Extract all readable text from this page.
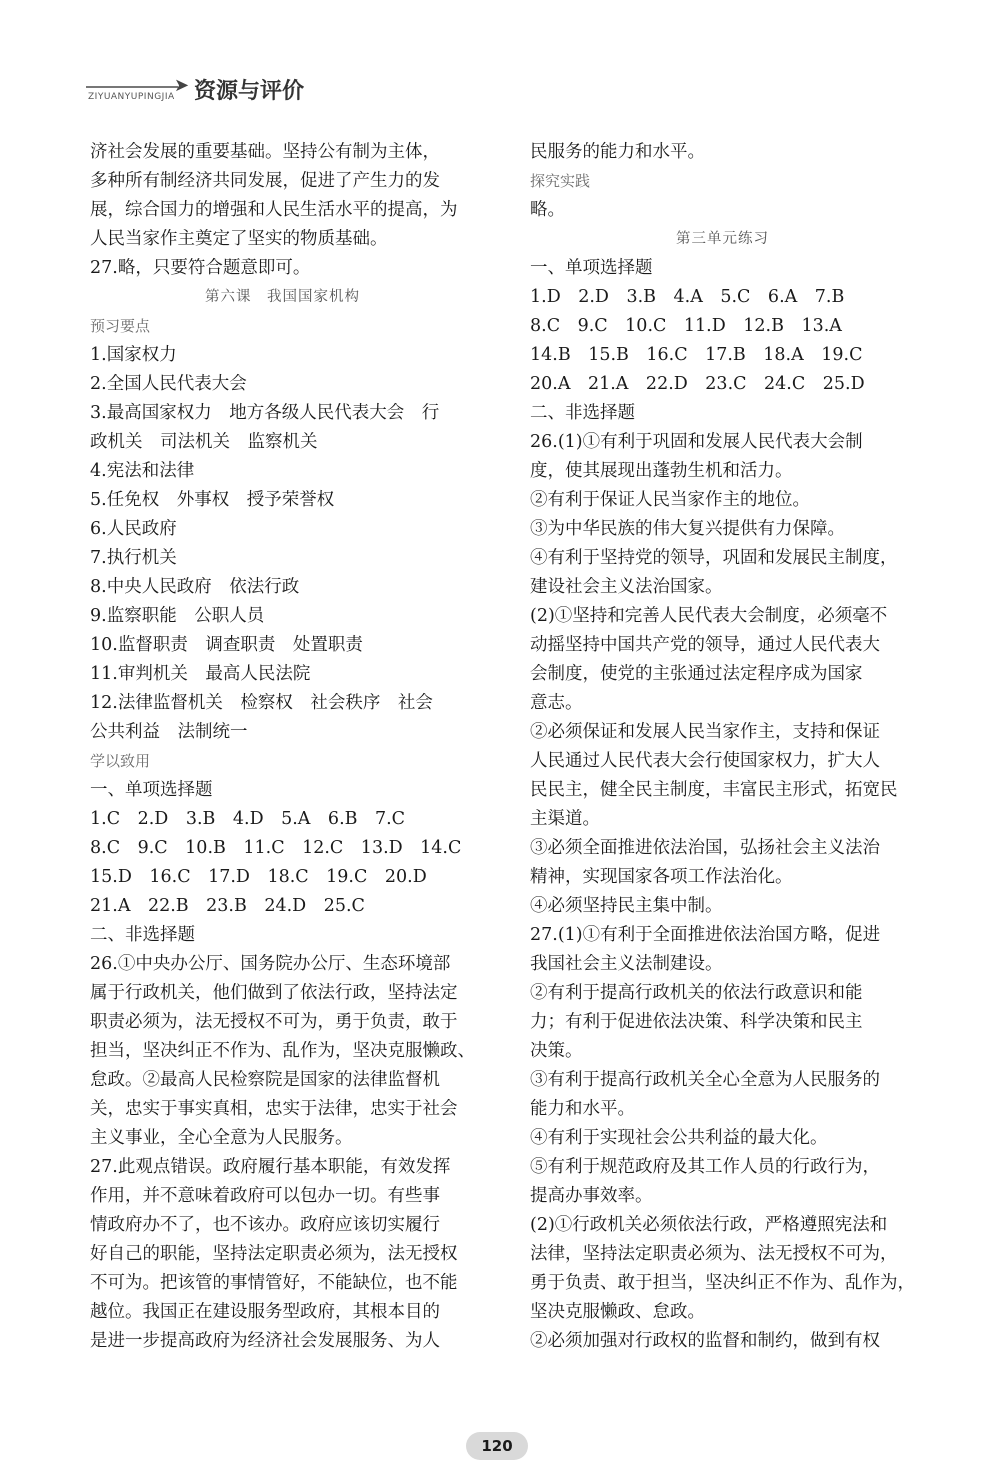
ZIYUANYUPINGJIA
➤ 资源与评价
济社会发展的重要基础。坚持公有制为主体，
多种所有制经济共同发展，促进了产生力的发
展，综合国力的增强和人民生活水平的提高，为
人民当家作主奠定了坚实的物质基础。
27.略，只要符合题意即可。
第六课　我国国家机构
预习要点
1.国家权力
2.全国人民代表大会
3.最高国家权力　地方各级人民代表大会　行
政机关　司法机关　监察机关
4.宪法和法律
5.任免权　外事权　授予荣誉权
6.人民政府
7.执行机关
8.中央人民政府　依法行政
9.监察职能　公职人员
10.监督职责　调查职责　处置职责
11.审判机关　最高人民法院
12.法律监督机关　检察权　社会秩序　社会
公共利益　法制统一
学以致用
一、单项选择题
1.C　2.D　3.B　4.D　5.A　6.B　7.C
8.C　9.C　10.B　11.C　12.C　13.D　14.C
15.D　16.C　17.D　18.C　19.C　20.D
21.A　22.B　23.B　24.D　25.C
二、非选择题
26.①中央办公厅、国务院办公厅、生态环境部
属于行政机关，他们做到了依法行政，坚持法定
职责必须为，法无授权不可为，勇于负责，敢于
担当，坚决纠正不作为、乱作为，坚决克服懒政、
怠政。②最高人民检察院是国家的法律监督机
关，忠实于事实真相，忠实于法律，忠实于社会
主义事业，全心全意为人民服务。
27.此观点错误。政府履行基本职能，有效发挥
作用，并不意味着政府可以包办一切。有些事
情政府办不了，也不该办。政府应该切实履行
好自己的职能，坚持法定职责必须为，法无授权
不可为。把该管的事情管好，不能缺位，也不能
越位。我国正在建设服务型政府，其根本目的
是进一步提高政府为经济社会发展服务、为人
民服务的能力和水平。
探究实践
略。
第三单元练习
一、单项选择题
1.D　2.D　3.B　4.A　5.C　6.A　7.B
8.C　9.C　10.C　11.D　12.B　13.A
14.B　15.B　16.C　17.B　18.A　19.C
20.A　21.A　22.D　23.C　24.C　25.D
二、非选择题
26.(1)①有利于巩固和发展人民代表大会制
度，使其展现出蓬勃生机和活力。
②有利于保证人民当家作主的地位。
③为中华民族的伟大复兴提供有力保障。
④有利于坚持党的领导，巩固和发展民主制度，
建设社会主义法治国家。
(2)①坚持和完善人民代表大会制度，必须毫不
动摇坚持中国共产党的领导，通过人民代表大
会制度，使党的主张通过法定程序成为国家
意志。
②必须保证和发展人民当家作主，支持和保证
人民通过人民代表大会行使国家权力，扩大人
民民主，健全民主制度，丰富民主形式，拓宽民
主渠道。
③必须全面推进依法治国，弘扬社会主义法治
精神，实现国家各项工作法治化。
④必须坚持民主集中制。
27.(1)①有利于全面推进依法治国方略，促进
我国社会主义法制建设。
②有利于提高行政机关的依法行政意识和能
力；有利于促进依法决策、科学决策和民主
决策。
③有利于提高行政机关全心全意为人民服务的
能力和水平。
④有利于实现社会公共利益的最大化。
⑤有利于规范政府及其工作人员的行政行为，
提高办事效率。
(2)①行政机关必须依法行政，严格遵照宪法和
法律，坚持法定职责必须为、法无授权不可为，
勇于负责、敢于担当，坚决纠正不作为、乱作为，
坚决克服懒政、怠政。
②必须加强对行政权的监督和制约，做到有权
120
